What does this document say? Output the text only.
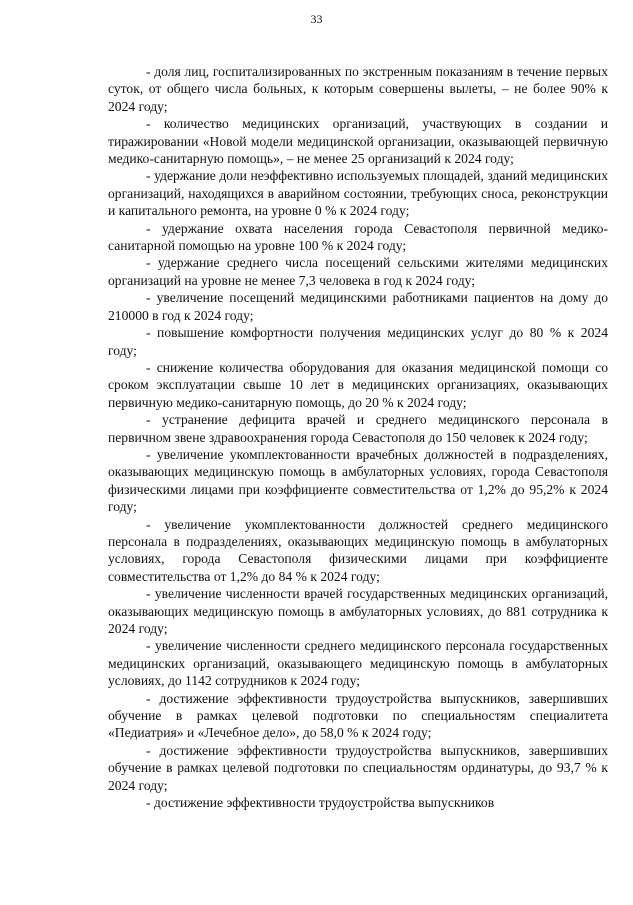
33

- доля лиц, госпитализированных по экстренным показаниям в течение первых суток, от общего числа больных, к которым совершены вылеты, – не более 90% к 2024 году;

- количество медицинских организаций, участвующих в создании и тиражировании «Новой модели медицинской организации, оказывающей первичную медико-санитарную помощь», – не менее 25 организаций к 2024 году;

- удержание доли неэффективно используемых площадей, зданий медицинских организаций, находящихся в аварийном состоянии, требующих сноса, реконструкции и капитального ремонта, на уровне 0 % к 2024 году;

- удержание охвата населения города Севастополя первичной медико-санитарной помощью на уровне 100 % к 2024 году;

- удержание среднего числа посещений сельскими жителями медицинских организаций на уровне не менее 7,3 человека в год к 2024 году;

- увеличение посещений медицинскими работниками пациентов на дому до 210000 в год к 2024 году;

- повышение комфортности получения медицинских услуг до 80 % к 2024 году;

- снижение количества оборудования для оказания медицинской помощи со сроком эксплуатации свыше 10 лет в медицинских организациях, оказывающих первичную медико-санитарную помощь, до 20 % к 2024 году;

- устранение дефицита врачей и среднего медицинского персонала в первичном звене здравоохранения города Севастополя до 150 человек к 2024 году;

- увеличение укомплектованности врачебных должностей в подразделениях, оказывающих медицинскую помощь в амбулаторных условиях, города Севастополя физическими лицами при коэффициенте совместительства от 1,2% до 95,2% к 2024 году;

- увеличение укомплектованности должностей среднего медицинского персонала в подразделениях, оказывающих медицинскую помощь в амбулаторных условиях, города Севастополя физическими лицами при коэффициенте совместительства от 1,2% до 84 % к 2024 году;

- увеличение численности врачей государственных медицинских организаций, оказывающих медицинскую помощь в амбулаторных условиях, до 881 сотрудника к 2024 году;

- увеличение численности среднего медицинского персонала государственных медицинских организаций, оказывающего медицинскую помощь в амбулаторных условиях, до 1142 сотрудников к 2024 году;

- достижение эффективности трудоустройства выпускников, завершивших обучение в рамках целевой подготовки по специальностям специалитета «Педиатрия» и «Лечебное дело», до 58,0 % к 2024 году;

- достижение эффективности трудоустройства выпускников, завершивших обучение в рамках целевой подготовки по специальностям ординатуры, до 93,7 % к 2024 году;

- достижение эффективности трудоустройства выпускников
